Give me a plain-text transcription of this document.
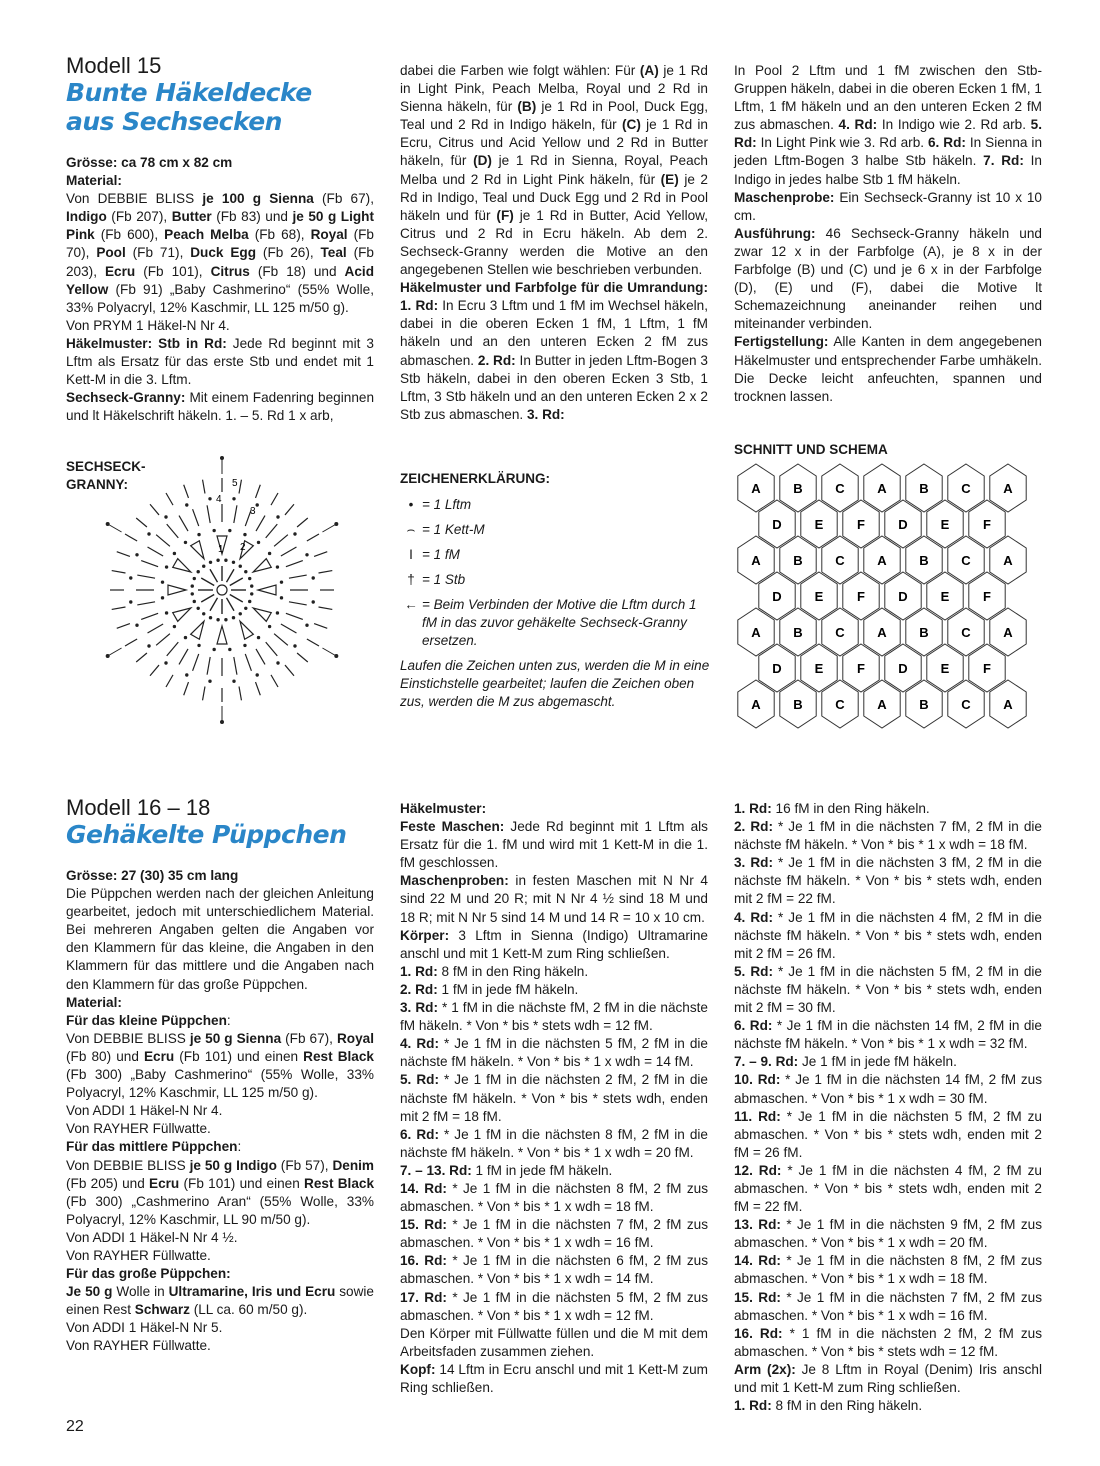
Modell 15
Bunte Häkeldecke
aus Sechsecken

Grösse: ca 78 cm x 82 cm

Material:

Von DEBBIE BLISS je 100 g Sienna (Fb 67), Indigo (Fb 207), Butter (Fb 83) und je 50 g Light Pink (Fb 600), Peach Melba (Fb 68), Royal (Fb 70), Pool (Fb 71), Duck Egg (Fb 26), Teal (Fb 203), Ecru (Fb 101), Citrus (Fb 18) und Acid Yellow (Fb 91) „Baby Cashmerino“ (55% Wolle, 33% Polyacryl, 12% Kaschmir, LL 125 m/50 g).

Von PRYM 1 Häkel-N Nr 4.

Häkelmuster: Stb in Rd: Jede Rd beginnt mit 3 Lftm als Ersatz für das erste Stb und endet mit 1 Kett-M in die 3. Lftm.

Sechseck-Granny: Mit einem Fadenring beginnen und lt Häkelschrift häkeln. 1. – 5. Rd 1 x arb,

dabei die Farben wie folgt wählen: Für (A) je 1 Rd in Light Pink, Peach Melba, Royal und 2 Rd in Sienna häkeln, für (B) je 1 Rd in Pool, Duck Egg, Teal und 2 Rd in Indigo häkeln, für (C) je 1 Rd in Ecru, Citrus und Acid Yellow und 2 Rd in Butter häkeln, für (D) je 1 Rd in Sienna, Royal, Peach Melba und 2 Rd in Light Pink häkeln, für (E) je 2 Rd in Indigo, Teal und Duck Egg und 2 Rd in Pool häkeln und für (F) je 1 Rd in Butter, Acid Yellow, Citrus und 2 Rd in Ecru häkeln. Ab dem 2. Sechseck-Granny werden die Motive an den angegebenen Stellen wie beschrieben verbunden.

Häkelmuster und Farbfolge für die Umrandung: 1. Rd: In Ecru 3 Lftm und 1 fM im Wechsel häkeln, dabei in die oberen Ecken 1 fM, 1 Lftm, 1 fM häkeln und an den unteren Ecken 2 fM zus abmaschen. 2. Rd: In Butter in jeden Lftm-Bogen 3 Stb häkeln, dabei in den oberen Ecken 3 Stb, 1 Lftm, 3 Stb häkeln und an den unteren Ecken 2 x 2 Stb zus abmaschen. 3. Rd:

In Pool 2 Lftm und 1 fM zwischen den Stb-Gruppen häkeln, dabei in die oberen Ecken 1 fM, 1 Lftm, 1 fM häkeln und an den unteren Ecken 2 fM zus abmaschen. 4. Rd: In Indigo wie 2. Rd arb. 5. Rd: In Light Pink wie 3. Rd arb. 6. Rd: In Sienna in jeden Lftm-Bogen 3 halbe Stb häkeln. 7. Rd: In Indigo in jedes halbe Stb 1 fM häkeln.

Maschenprobe: Ein Sechseck-Granny ist 10 x 10 cm.

Ausführung: 46 Sechseck-Granny häkeln und zwar 12 x in der Farbfolge (A), je 8 x in der Farbfolge (B) und (C) und je 6 x in der Farbfolge (D), (E) und (F), dabei die Motive lt Schemazeichnung aneinander reihen und miteinander verbinden.

Fertigstellung: Alle Kanten in dem angegebenen Häkelmuster und entsprechender Farbe umhäkeln. Die Decke leicht anfeuchten, spannen und trocknen lassen.

SECHSECK-
GRANNY:
1 2
3
4
5	ZEICHENERKLÄRUNG:
• = 1 Lftm
⌢ = 1 Kett-M
I = 1 fM
† = 1 Stb
← = Beim Verbinden der Motive die Lftm durch 1 fM in das zuvor gehäkelte Sechseck-Granny ersetzen.
Laufen die Zeichen unten zus, werden die M in eine Einstichstelle gearbeitet; laufen die Zeichen oben zus, werden die M zus abgemascht.
SCHNITT UND SCHEMA
A	B	C	A	B	C	A
D	E	F	D	E	F
A	B	C	A	B	C	A
D	E	F	D	E	F
A	B	C	A	B	C	A
D	E	F	D	E	F
A	B	C	A	B	C	A
Modell 16 – 18
Gehäkelte Püppchen

Grösse: 27 (30) 35 cm lang

Die Püppchen werden nach der gleichen Anleitung gearbeitet, jedoch mit unterschiedlichem Material. Bei mehreren Angaben gelten die Angaben vor den Klammern für das kleine, die Angaben in den Klammern für das mittlere und die Angaben nach den Klammern für das große Püppchen.

Material:

Für das kleine Püppchen:

Von DEBBIE BLISS je 50 g Sienna (Fb 67), Royal (Fb 80) und Ecru (Fb 101) und einen Rest Black (Fb 300) „Baby Cashmerino“ (55% Wolle, 33% Polyacryl, 12% Kaschmir, LL 125 m/50 g).

Von ADDI 1 Häkel-N Nr 4.

Von RAYHER Füllwatte.

Für das mittlere Püppchen:

Von DEBBIE BLISS je 50 g Indigo (Fb 57), Denim (Fb 205) und Ecru (Fb 101) und einen Rest Black (Fb 300) „Cashmerino Aran“ (55% Wolle, 33% Polyacryl, 12% Kaschmir, LL 90 m/50 g).

Von ADDI 1 Häkel-N Nr 4 ½.

Von RAYHER Füllwatte.

Für das große Püppchen:

Je 50 g Wolle in Ultramarine, Iris und Ecru sowie einen Rest Schwarz (LL ca. 60 m/50 g).

Von ADDI 1 Häkel-N Nr 5.

Von RAYHER Füllwatte.

Häkelmuster:

Feste Maschen: Jede Rd beginnt mit 1 Lftm als Ersatz für die 1. fM und wird mit 1 Kett-M in die 1. fM geschlossen.

Maschenproben: in festen Maschen mit N Nr 4 sind 22 M und 20 R; mit N Nr 4 ½ sind 18 M und 18 R; mit N Nr 5 sind 14 M und 14 R = 10 x 10 cm.

Körper: 3 Lftm in Sienna (Indigo) Ultramarine anschl und mit 1 Kett-M zum Ring schließen.

1. Rd: 8 fM in den Ring häkeln.

2. Rd: 1 fM in jede fM häkeln.

3. Rd: * 1 fM in die nächste fM, 2 fM in die nächste fM häkeln. * Von * bis * stets wdh = 12 fM.

4. Rd: * Je 1 fM in die nächsten 5 fM, 2 fM in die nächste fM häkeln. * Von * bis * 1 x wdh = 14 fM.

5. Rd: * Je 1 fM in die nächsten 2 fM, 2 fM in die nächste fM häkeln. * Von * bis * stets wdh, enden mit 2 fM = 18 fM.

6. Rd: * Je 1 fM in die nächsten 8 fM, 2 fM in die nächste fM häkeln. * Von * bis * 1 x wdh = 20 fM.

7. – 13. Rd: 1 fM in jede fM häkeln.

14. Rd: * Je 1 fM in die nächsten 8 fM, 2 fM zus abmaschen. * Von * bis * 1 x wdh = 18 fM.

15. Rd: * Je 1 fM in die nächsten 7 fM, 2 fM zus abmaschen. * Von * bis * 1 x wdh = 16 fM.

16. Rd: * Je 1 fM in die nächsten 6 fM, 2 fM zus abmaschen. * Von * bis * 1 x wdh = 14 fM.

17. Rd: * Je 1 fM in die nächsten 5 fM, 2 fM zus abmaschen. * Von * bis * 1 x wdh = 12 fM.

Den Körper mit Füllwatte füllen und die M mit dem Arbeitsfaden zusammen ziehen.

Kopf: 14 Lftm in Ecru anschl und mit 1 Kett-M zum Ring schließen.

1. Rd: 16 fM in den Ring häkeln.

2. Rd: * Je 1 fM in die nächsten 7 fM, 2 fM in die nächste fM häkeln. * Von * bis * 1 x wdh = 18 fM.

3. Rd: * Je 1 fM in die nächsten 3 fM, 2 fM in die nächste fM häkeln. * Von * bis * stets wdh, enden mit 2 fM = 22 fM.

4. Rd: * Je 1 fM in die nächsten 4 fM, 2 fM in die nächste fM häkeln. * Von * bis * stets wdh, enden mit 2 fM = 26 fM.

5. Rd: * Je 1 fM in die nächsten 5 fM, 2 fM in die nächste fM häkeln. * Von * bis * stets wdh, enden mit 2 fM = 30 fM.

6. Rd: * Je 1 fM in die nächsten 14 fM, 2 fM in die nächste fM häkeln. * Von * bis * 1 x wdh = 32 fM.

7. – 9. Rd: Je 1 fM in jede fM häkeln.

10. Rd: * Je 1 fM in die nächsten 14 fM, 2 fM zus abmaschen. * Von * bis * 1 x wdh = 30 fM.

11. Rd: * Je 1 fM in die nächsten 5 fM, 2 fM zu abmaschen. * Von * bis * stets wdh, enden mit 2 fM = 26 fM.

12. Rd: * Je 1 fM in die nächsten 4 fM, 2 fM zu abmaschen. * Von * bis * stets wdh, enden mit 2 fM = 22 fM.

13. Rd: * Je 1 fM in die nächsten 9 fM, 2 fM zus abmaschen. * Von * bis * 1 x wdh = 20 fM.

14. Rd: * Je 1 fM in die nächsten 8 fM, 2 fM zus abmaschen. * Von * bis * 1 x wdh = 18 fM.

15. Rd: * Je 1 fM in die nächsten 7 fM, 2 fM zus abmaschen. * Von * bis * 1 x wdh = 16 fM.

16. Rd: * 1 fM in die nächsten 2 fM, 2 fM zus abmaschen. * Von * bis * stets wdh = 12 fM.

Arm (2x): Je 8 Lftm in Royal (Denim) Iris anschl und mit 1 Kett-M zum Ring schließen.

1. Rd: 8 fM in den Ring häkeln.

22
